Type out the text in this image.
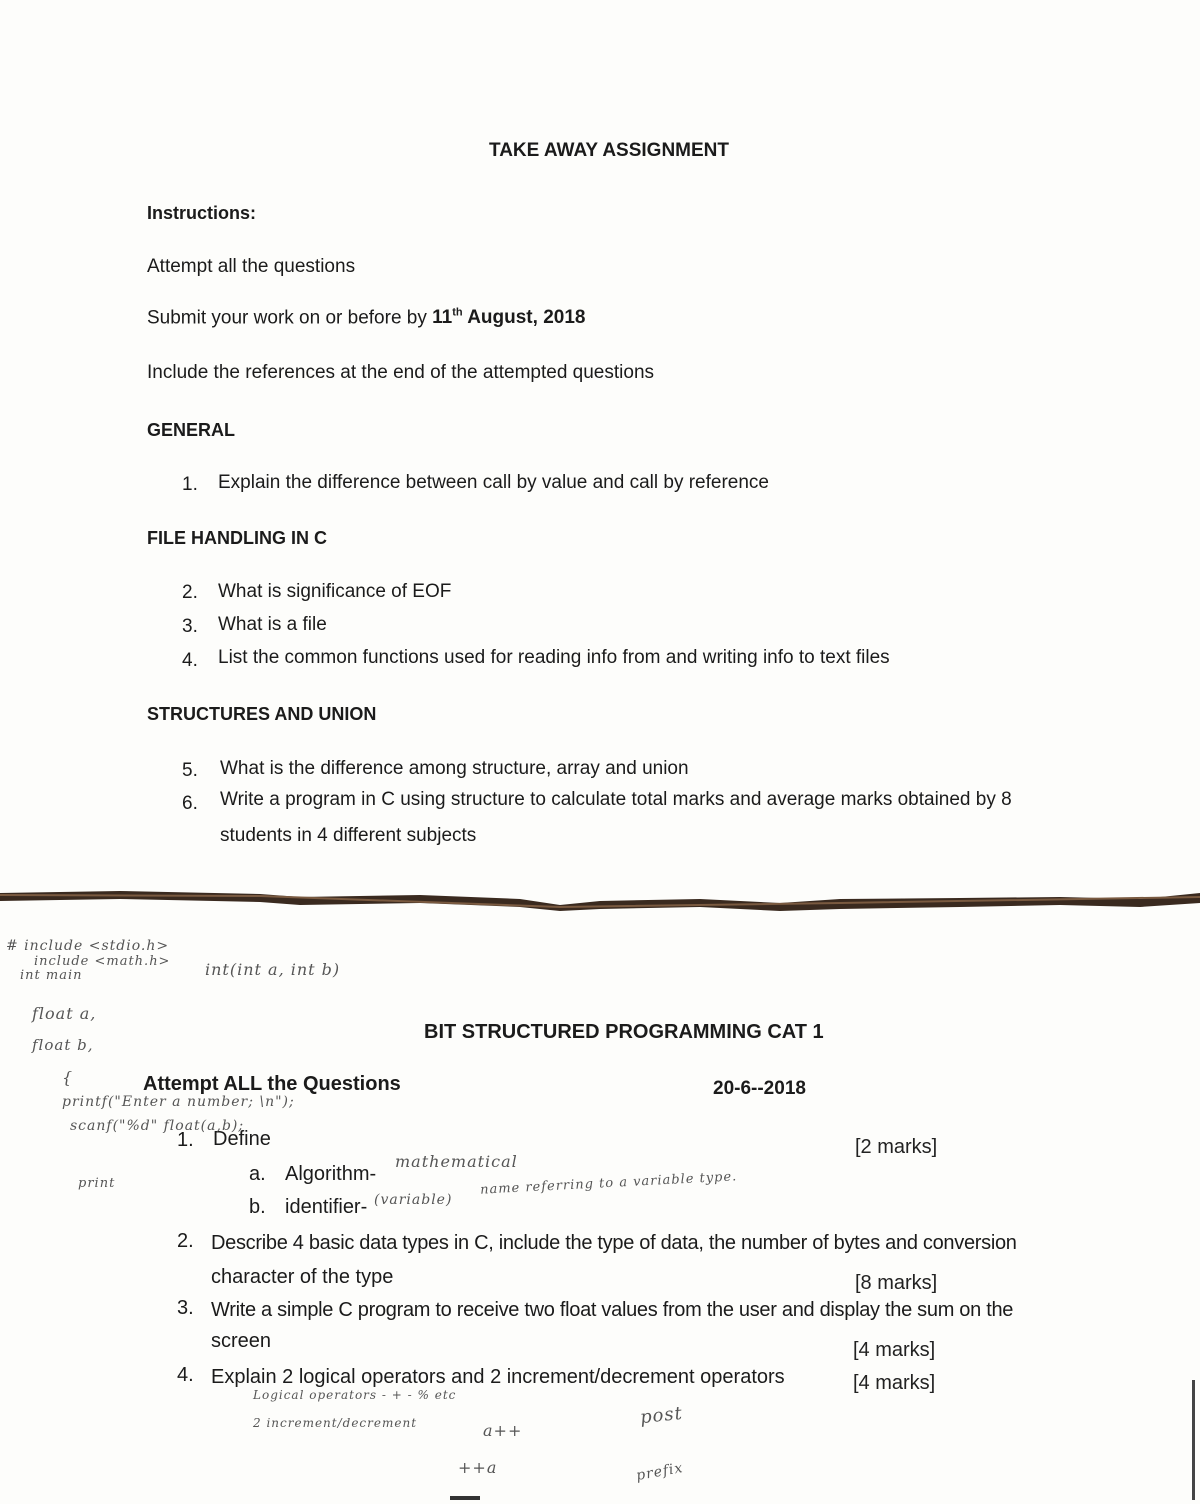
TAKE AWAY ASSIGNMENT
Instructions:
Attempt all the questions
Submit your work on or before by 11th August, 2018
Include the references at the end of the attempted questions
GENERAL
1. Explain the difference between call by value and call by reference
FILE HANDLING IN C
2. What is significance of EOF
3. What is a file
4. List the common functions used for reading info from and writing info to text files
STRUCTURES AND UNION
5. What is the difference among structure, array and union
6. Write a program in C using structure to calculate total marks and average marks obtained by 8
students in 4 different subjects
BIT STRUCTURED PROGRAMMING CAT 1
Attempt ALL the Questions	20-6--2018
1. Define	[2 marks]
a. Algorithm-
b. identifier-
2. Describe 4 basic data types in C, include the type of data, the number of bytes and conversion
character of the type	[8 marks]
3. Write a simple C program to receive two float values from the user and display the sum on the
screen	[4 marks]
4. Explain 2 logical operators and 2 increment/decrement operators	[4 marks]
# include <stdio.h>
include <math.h>
int main	int(int a, int b)
float a,
float b,
{
printf("Enter a number; \n");
scanf("%d" float(a,b);
print
mathematical
(variable)
name referring to a variable type.
Logical operators - + - % etc
2 increment/decrement	a++
post
++a	prefix
